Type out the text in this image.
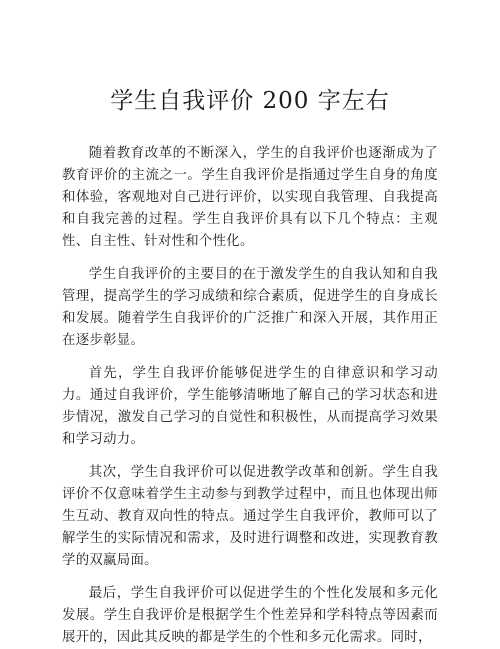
学生自我评价 200 字左右

随着教育改革的不断深入，学生的自我评价也逐渐成为了教育评价的主流之一。学生自我评价是指通过学生自身的角度和体验，客观地对自己进行评价，以实现自我管理、自我提高和自我完善的过程。学生自我评价具有以下几个特点：主观性、自主性、针对性和个性化。

学生自我评价的主要目的在于激发学生的自我认知和自我管理，提高学生的学习成绩和综合素质，促进学生的自身成长和发展。随着学生自我评价的广泛推广和深入开展，其作用正在逐步彰显。

首先，学生自我评价能够促进学生的自律意识和学习动力。通过自我评价，学生能够清晰地了解自己的学习状态和进步情况，激发自己学习的自觉性和积极性，从而提高学习效果和学习动力。

其次，学生自我评价可以促进教学改革和创新。学生自我评价不仅意味着学生主动参与到教学过程中，而且也体现出师生互动、教育双向性的特点。通过学生自我评价，教师可以了解学生的实际情况和需求，及时进行调整和改进，实现教育教学的双赢局面。

最后，学生自我评价可以促进学生的个性化发展和多元化发展。学生自我评价是根据学生个性差异和学科特点等因素而展开的，因此其反映的都是学生的个性和多元化需求。同时，
